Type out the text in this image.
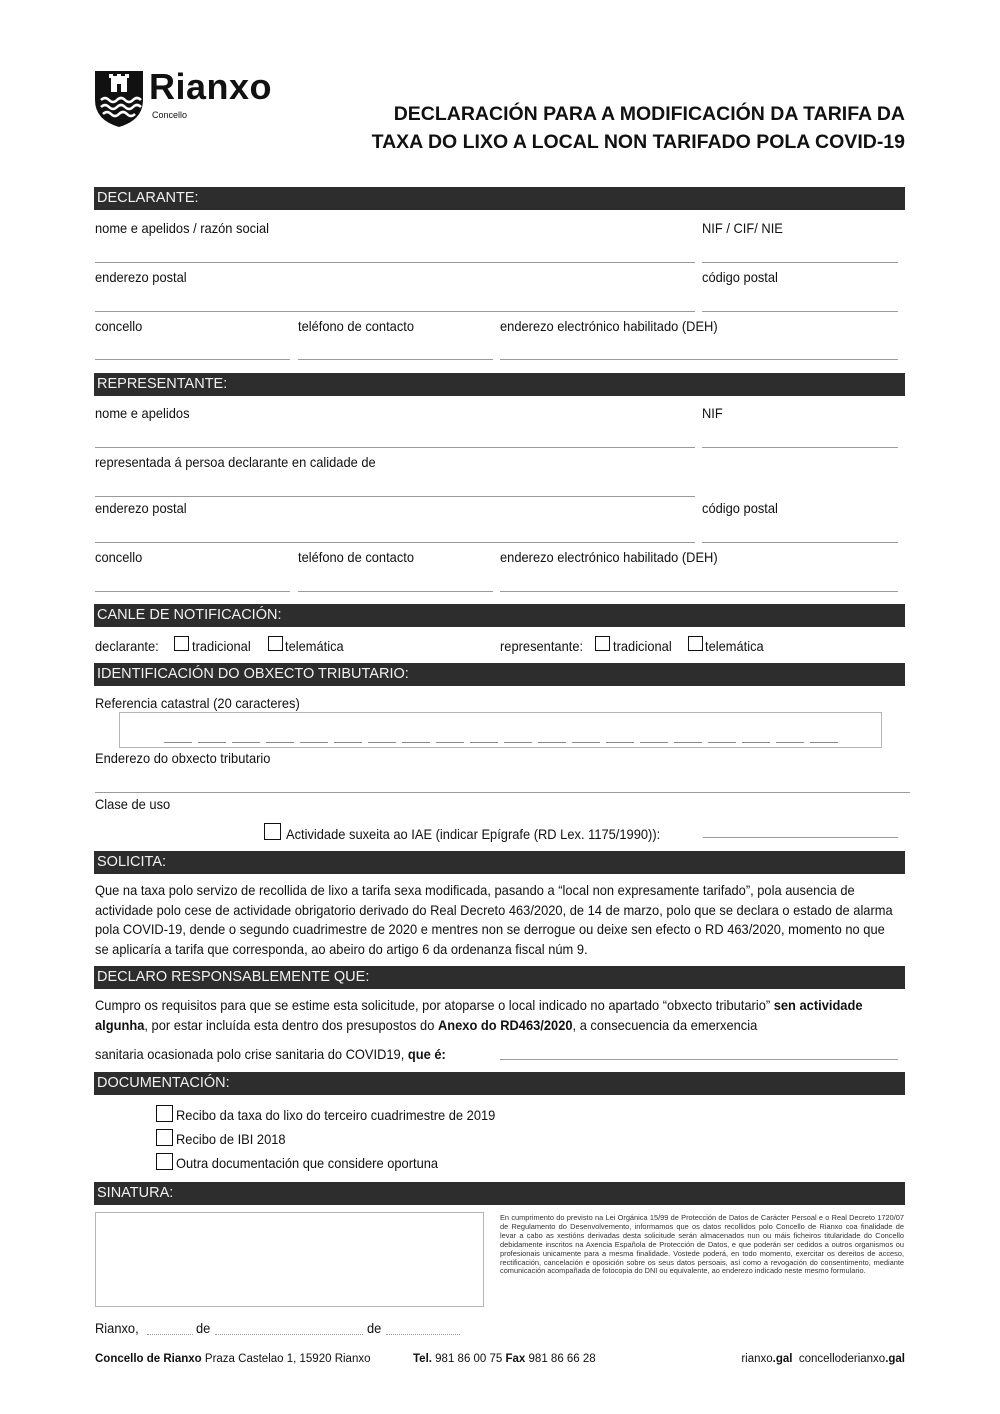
Rianxo
Concello	DECLARACIÓN PARA A MODIFICACIÓN DA TARIFA DA
TAXA DO LIXO A LOCAL NON TARIFADO POLA COVID-19
DECLARANTE:
nome e apelidos / razón social	NIF / CIF/ NIE
enderezo postal	código postal
concello	teléfono de contacto	enderezo electrónico habilitado (DEH)
REPRESENTANTE:
nome e apelidos	NIF
representada á persoa declarante en calidade de
enderezo postal	código postal
concello	teléfono de contacto	enderezo electrónico habilitado (DEH)
CANLE DE NOTIFICACIÓN:
declarante: tradicional telemática	representante: tradicional telemática
IDENTIFICACIÓN DO OBXECTO TRIBUTARIO:
Referencia catastral (20 caracteres)
Enderezo do obxecto tributario
Clase de uso
Actividade suxeita ao IAE (indicar Epígrafe (RD Lex. 1175/1990)):
SOLICITA:
Que na taxa polo servizo de recollida de lixo a tarifa sexa modificada, pasando a “local non expresamente tarifado”, pola ausencia de actividade polo cese de actividade obrigatorio derivado do Real Decreto 463/2020, de 14 de marzo, polo que se declara o estado de alarma pola COVID-19, dende o segundo cuadrimestre de 2020 e mentres non se derrogue ou deixe sen efecto o RD 463/2020, momento no que se aplicaría a tarifa que corresponda, ao abeiro do artigo 6 da ordenanza fiscal núm 9.
DECLARO RESPONSABLEMENTE QUE:
Cumpro os requisitos para que se estime esta solicitude, por atoparse o local indicado no apartado “obxecto tributario” sen actividade algunha, por estar incluída esta dentro dos presupostos do Anexo do RD463/2020, a consecuencia da emerxencia
sanitaria ocasionada polo crise sanitaria do COVID19, que é:
DOCUMENTACIÓN:
Recibo da taxa do lixo do terceiro cuadrimestre de 2019
Recibo de IBI 2018
Outra documentación que considere oportuna
SINATURA:
En cumprimento do previsto na Lei Orgánica 15/99 de Protección de Datos de Carácter Persoal e o Real Decreto 1720/07 de Regulamento do Desenvolvemento, informamos que os datos recollidos polo Concello de Rianxo coa finalidade de levar a cabo as xestións derivadas desta solicitude serán almacenados nun ou máis ficheiros titularidade do Concello debidamente inscritos na Axencia Española de Protección de Datos, e que poderán ser cedidos a outros organismos ou profesionais unicamente para a mesma finalidade. Vostede poderá, en todo momento, exercitar os dereitos de acceso, rectificación, cancelación e oposición sobre os seus datos persoais, así como a revogación do consentimento, mediante comunicación acompañada de fotocopia do DNI ou equivalente, ao enderezo indicado neste mesmo formulario.
Rianxo,	de	de
Concello de Rianxo Praza Castelao 1, 15920 Rianxo	Tel. 981 86 00 75 Fax 981 86 66 28	rianxo.gal concelloderianxo.gal
